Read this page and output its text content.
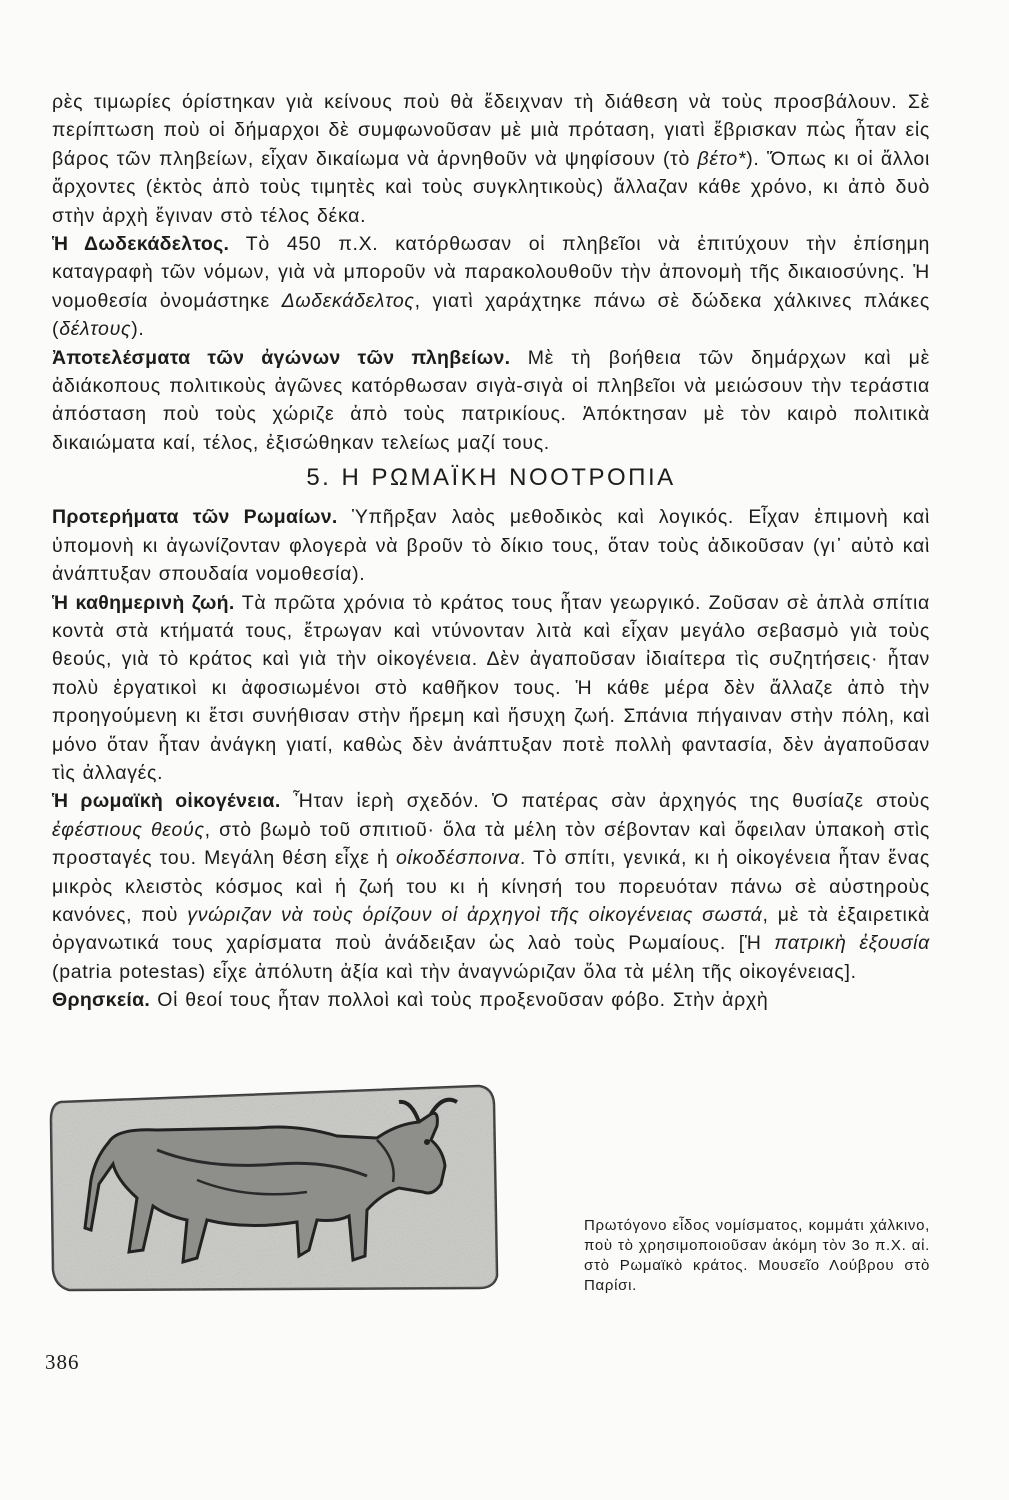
ρὲς τιμωρίες όρίστηκαν γιὰ κείνους ποὺ θὰ ἔδειχναν τὴ διάθεση νὰ τοὺς προσβάλουν. Σὲ περίπτωση ποὺ οἱ δήμαρχοι δὲ συμφωνοῦσαν μὲ μιὰ πρόταση, γιατὶ ἔβρισκαν πὼς ἦταν εἰς βάρος τῶν πληβείων, εἶχαν δικαίωμα νὰ ἀρνηθοῦν νὰ ψηφίσουν (τὸ βέτο*). Ὅπως κι οἱ ἄλλοι ἄρχοντες (ἐκτὸς ἀπὸ τοὺς τιμητὲς καὶ τοὺς συγκλητικοὺς) ἄλλαζαν κάθε χρόνο, κι ἀπὸ δυὸ στὴν ἀρχὴ ἔγιναν στὸ τέλος δέκα.

Ἡ Δωδεκάδελτος. Τὸ 450 π.Χ. κατόρθωσαν οἱ πληβεῖοι νὰ ἐπιτύχουν τὴν ἐπίσημη καταγραφὴ τῶν νόμων, γιὰ νὰ μποροῦν νὰ παρακολουθοῦν τὴν ἀπονομὴ τῆς δικαιοσύνης. Ἡ νομοθεσία ὀνομάστηκε Δωδεκάδελτος, γιατὶ χαράχτηκε πάνω σὲ δώδεκα χάλκινες πλάκες (δέλτους).

Ἀποτελέσματα τῶν ἀγώνων τῶν πληβείων. Μὲ τὴ βοήθεια τῶν δημάρχων καὶ μὲ ἀδιάκοπους πολιτικοὺς ἀγῶνες κατόρθωσαν σιγὰ-σιγὰ οἱ πληβεῖοι νὰ μειώσουν τὴν τεράστια ἀπόσταση ποὺ τοὺς χώριζε ἀπὸ τοὺς πατρικίους. Ἀπόκτησαν μὲ τὸν καιρὸ πολιτικὰ δικαιώματα καί, τέλος, ἐξισώθηκαν τελείως μαζί τους.

5. Η ΡΩΜΑΪΚΗ ΝΟΟΤΡΟΠΙΑ

Προτερήματα τῶν Ρωμαίων. Ὑπῆρξαν λαὸς μεθοδικὸς καὶ λογικός. Εἶχαν ἐπιμονὴ καὶ ὑπομονὴ κι ἀγωνίζονταν φλογερὰ νὰ βροῦν τὸ δίκιο τους, ὅταν τοὺς ἀδικοῦσαν (γι᾽ αὐτὸ καὶ ἀνάπτυξαν σπουδαία νομοθεσία).

Ἡ καθημερινὴ ζωή. Τὰ πρῶτα χρόνια τὸ κράτος τους ἦταν γεωργικό. Ζοῦσαν σὲ ἁπλὰ σπίτια κοντὰ στὰ κτήματά τους, ἔτρωγαν καὶ ντύνονταν λιτὰ καὶ εἶχαν μεγάλο σεβασμὸ γιὰ τοὺς θεούς, γιὰ τὸ κράτος καὶ γιὰ τὴν οἰκογένεια. Δὲν ἀγαποῦσαν ἰδιαίτερα τὶς συζητήσεις· ἦταν πολὺ ἐργατικοὶ κι ἀφοσιωμένοι στὸ καθῆκον τους. Ἡ κάθε μέρα δὲν ἄλλαζε ἀπὸ τὴν προηγούμενη κι ἔτσι συνήθισαν στὴν ἤρεμη καὶ ἥσυχη ζωή. Σπάνια πήγαιναν στὴν πόλη, καὶ μόνο ὅταν ἦταν ἀνάγκη γιατί, καθὼς δὲν ἀνάπτυξαν ποτὲ πολλὴ φαντασία, δὲν ἀγαποῦσαν τὶς ἀλλαγές.

Ἡ ρωμαϊκὴ οἰκογένεια. Ἦταν ἱερὴ σχεδόν. Ὁ πατέρας σὰν ἀρχηγός της θυσίαζε στοὺς ἐφέστιους θεούς, στὸ βωμὸ τοῦ σπιτιοῦ· ὅλα τὰ μέλη τὸν σέβονταν καὶ ὄφειλαν ὑπακοὴ στὶς προσταγές του. Μεγάλη θέση εἶχε ἡ οἰκοδέσποινα. Τὸ σπίτι, γενικά, κι ἡ οἰκογένεια ἦταν ἕνας μικρὸς κλειστὸς κόσμος καὶ ἡ ζωή του κι ἡ κίνησή του πορευόταν πάνω σὲ αὐστηροὺς κανόνες, ποὺ γνώριζαν νὰ τοὺς ὁρίζουν οἱ ἀρχηγοὶ τῆς οἰκογένειας σωστά, μὲ τὰ ἐξαιρετικὰ ὀργανωτικά τους χαρίσματα ποὺ ἀνάδειξαν ὡς λαὸ τοὺς Ρωμαίους. [Ἡ πατρικὴ ἐξουσία (patria potestas) εἶχε ἀπόλυτη ἀξία καὶ τὴν ἀναγνώριζαν ὅλα τὰ μέλη τῆς οἰκογένειας].

Θρησκεία. Οἱ θεοί τους ἦταν πολλοὶ καὶ τοὺς προξενοῦσαν φόβο. Στὴν ἀρχὴ

Πρωτόγονο εἶδος νομίσματος, κομμάτι χάλκινο, ποὺ τὸ χρησιμοποιοῦσαν ἀκόμη τὸν 3ο π.Χ. αἰ. στὸ Ρωμαϊκὸ κράτος. Μουσεῖο Λούβρου στὸ Παρίσι.
386
